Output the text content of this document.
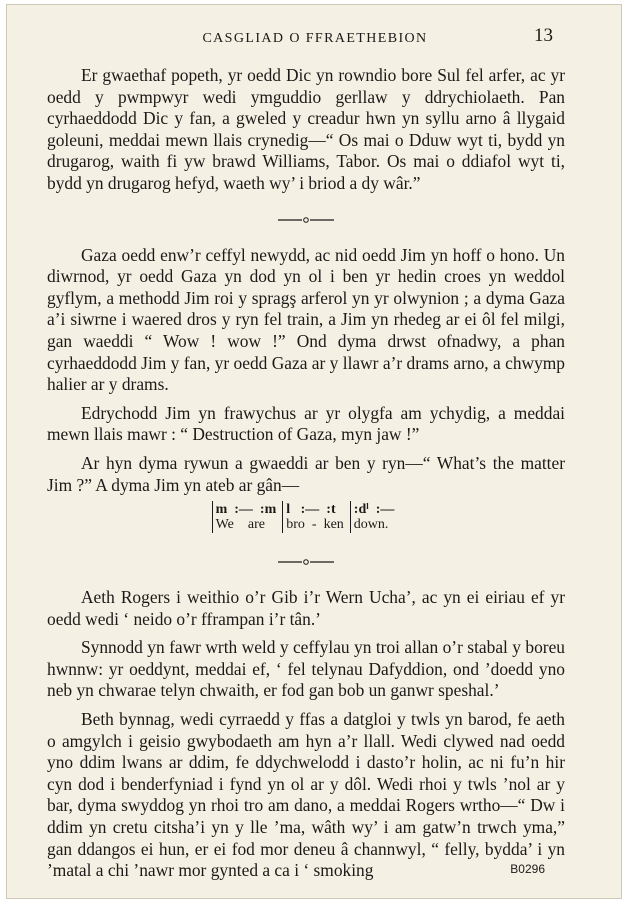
CASGLIAD O FFRAETHEBION	13

Er gwaethaf popeth, yr oedd Dic yn rowndio bore Sul fel arfer, ac yr oedd y pwmpwyr wedi ymguddio gerllaw y ddrychiolaeth. Pan cyrhaeddodd Dic y fan, a gweled y creadur hwn yn syllu arno â llygaid goleuni, meddai mewn llais crynedig—“ Os mai o Dduw wyt ti, bydd yn drugarog, waith fi yw brawd Williams, Tabor. Os mai o ddiafol wyt ti, bydd yn drugarog hefyd, waeth wy’ i briod a dy wâr.”

Gaza oedd enw’r ceffyl newydd, ac nid oedd Jim yn hoff o hono. Un diwrnod, yr oedd Gaza yn dod yn ol i ben yr hedin croes yn weddol gyflym, a methodd Jim roi y spragş arferol yn yr olwynion ; a dyma Gaza a’i siwrne i waered dros y ryn fel train, a Jim yn rhedeg ar ei ôl fel milgi, gan waeddi “ Wow ! wow !” Ond dyma drwst ofnadwy, a phan cyrhaeddodd Jim y fan, yr oedd Gaza ar y llawr a’r drams arno, a chwymp halier ar y drams.

Edrychodd Jim yn frawychus ar yr olygfa am ychydig, a meddai mewn llais mawr : “ Destruction of Gaza, myn jaw !”

Ar hyn dyma rywun a gwaeddi ar ben y ryn—“ What’s the matter Jim ?” A dyma Jim yn ateb ar gân—

m  :—  :m
We    are
l   :—  :t
bro  -  ken
:dˡ  :—
down.

Aeth Rogers i weithio o’r Gib i’r Wern Ucha’, ac yn ei eiriau ef yr oedd wedi ‘ neido o’r fframpan i’r tân.’

Synnodd yn fawr wrth weld y ceffylau yn troi allan o’r stabal y boreu hwnnw: yr oeddynt, meddai ef, ‘ fel telynau Dafyddion, ond ’doedd yno neb yn chwarae telyn chwaith, er fod gan bob un ganwr speshal.’

Beth bynnag, wedi cyrraedd y ffas a datgloi y twls yn barod, fe aeth o amgylch i geisio gwybodaeth am hyn a’r llall. Wedi clywed nad oedd yno ddim lwans ar ddim, fe ddychwelodd i dasto’r holin, ac ni fu’n hir cyn dod i benderfyniad i fynd yn ol ar y dôl. Wedi rhoi y twls ’nol ar y bar, dyma swyddog yn rhoi tro am dano, a meddai Rogers wrtho—“ Dw i ddim yn cretu citsha’i yn y lle ’ma, wâth wy’ i am gatw’n trwch yma,” gan ddangos ei hun, er ei fod mor deneu â channwyl, “ felly, bydda’ i yn ’matal a chi ’nawr mor gynted a ca i ‘ smoking	B0296
